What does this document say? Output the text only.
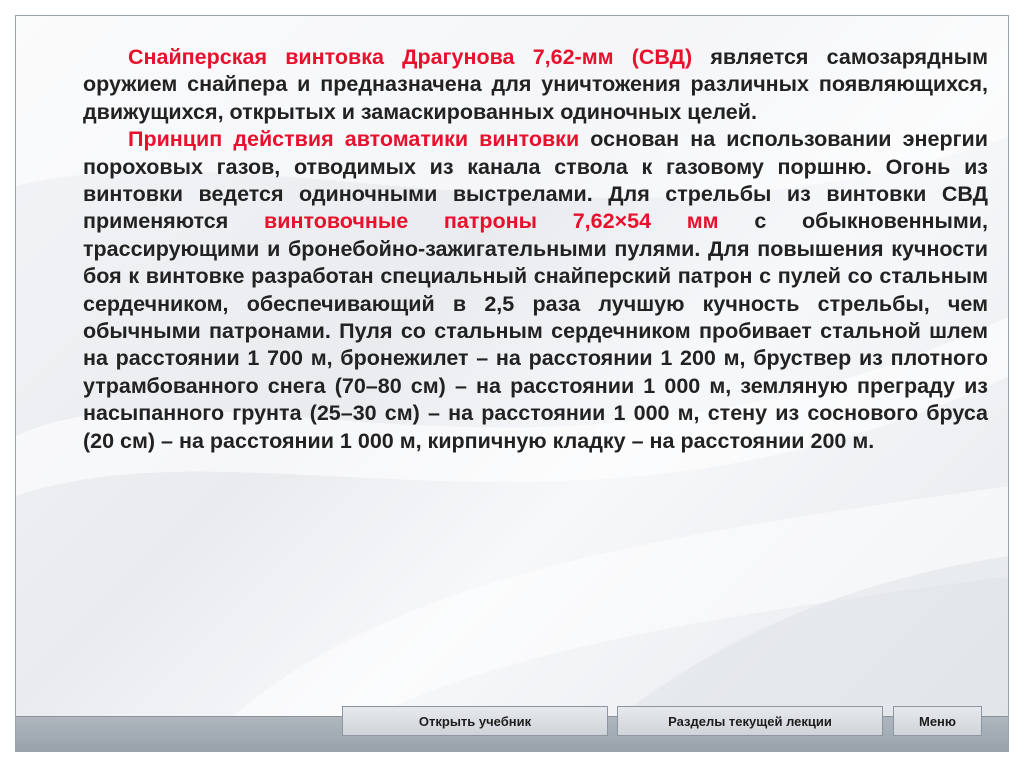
Снайперская винтовка Драгунова 7,62-мм (СВД) является самозарядным оружием снайпера и предназначена для уничтожения различных появляющихся, движущихся, открытых и замаскированных одиночных целей.

Принцип действия автоматики винтовки основан на использовании энергии пороховых газов, отводимых из канала ствола к газовому поршню. Огонь из винтовки ведется одиночными выстрелами. Для стрельбы из винтовки СВД применяются винтовочные патроны 7,62×54 мм с обыкновенными, трассирующими и бронебойно-зажигательными пулями. Для повышения кучности боя к винтовке разработан специальный снайперский патрон с пулей со стальным сердечником, обеспечивающий в 2,5 раза лучшую кучность стрельбы, чем обычными патронами. Пуля со стальным сердечником пробивает стальной шлем на расстоянии 1 700 м, бронежилет – на расстоянии 1 200 м, бруствер из плотного утрамбованного снега (70–80 см) – на расстоянии 1 000 м, земляную преграду из насыпанного грунта (25–30 см) – на расстоянии 1 000 м, стену из соснового бруса (20 см) – на расстоянии 1 000 м, кирпичную кладку – на расстоянии 200 м.

Открыть учебник	Разделы текущей лекции	Меню
